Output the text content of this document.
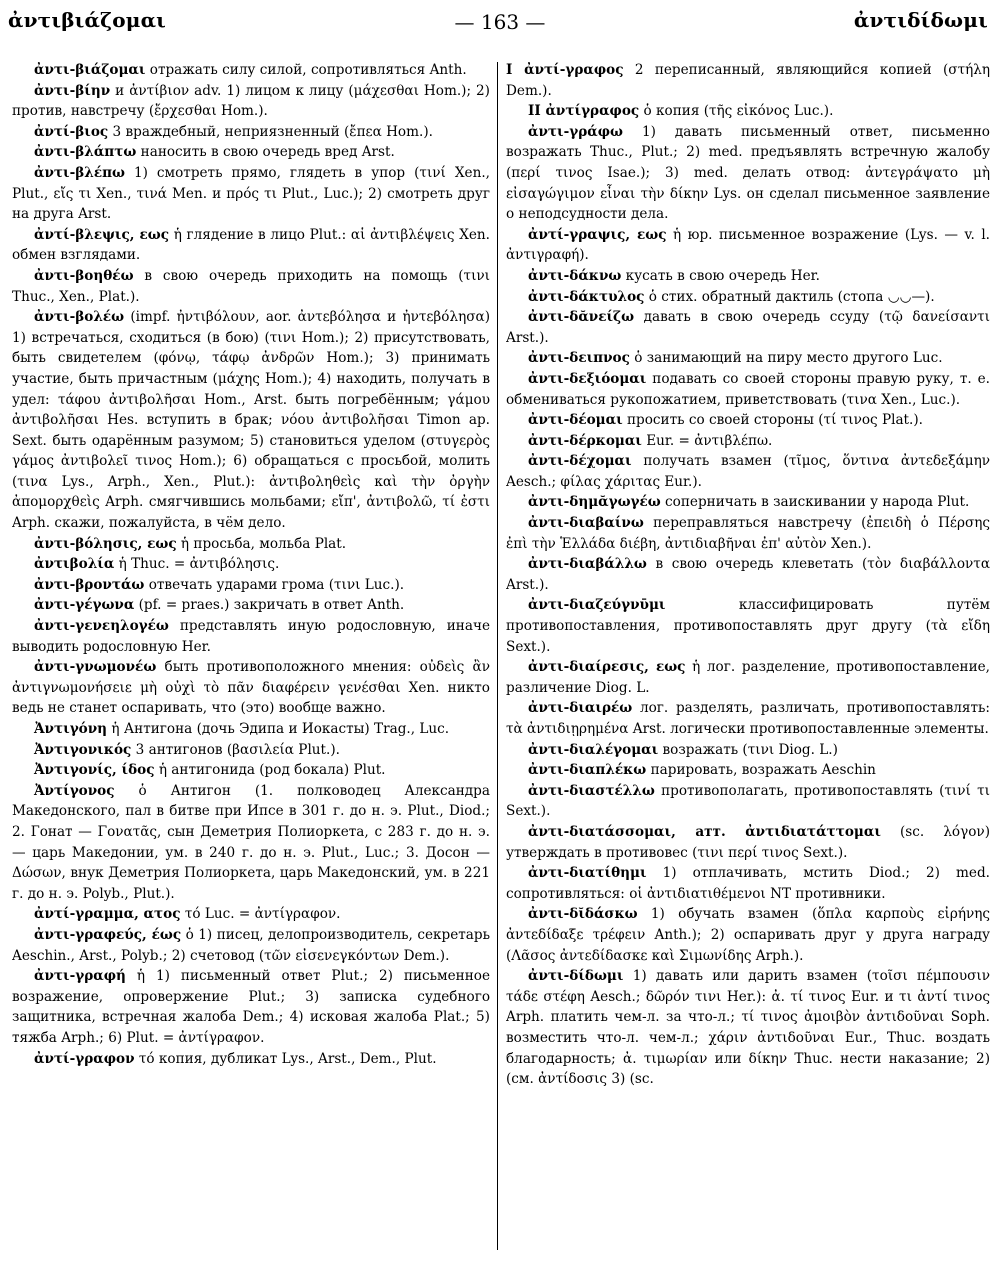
ἀντιβιάζομαι	— 163 —	ἀντιδίδωμι

ἀντι-βιάζομαι отражать силу силой, сопротивляться Anth.

ἀντι-βίην и ἀντίβιον adv. 1) лицом к лицу (μάχεσθαι Hom.); 2) против, навстречу (ἔρχεσθαι Hom.).

ἀντί-βιος 3 враждебный, неприязненный (ἔπεα Hom.).

ἀντι-βλάπτω наносить в свою очередь вред Arst.

ἀντι-βλέπω 1) смотреть прямо, глядеть в упор (τινί Xen., Plut., εἴς τι Xen., τινά Men. и πρός τι Plut., Luc.); 2) смотреть друг на друга Arst.

ἀντί-βλεψις, εως ἡ глядение в лицо Plut.: αἱ ἀντιβλέψεις Xen. обмен взглядами.

ἀντι-βοηθέω в свою очередь приходить на помощь (τινι Thuc., Xen., Plat.).

ἀντι-βολέω (impf. ἠντιβόλουν, aor. ἀντεβόλησα и ἠντεβόλησα) 1) встречаться, сходиться (в бою) (τινι Hom.); 2) присутствовать, быть свидетелем (φόνῳ, τάφῳ ἀνδρῶν Hom.); 3) принимать участие, быть причастным (μάχης Hom.); 4) находить, получать в удел: τάφου ἀντιβολῆσαι Hom., Arst. быть погребённым; γάμου ἀντιβολῆσαι Hes. вступить в брак; νόου ἀντιβολῆσαι Timon ap. Sext. быть одарённым разумом; 5) становиться уделом (στυγερὸς γάμος ἀντιβολεῖ τινος Hom.); 6) обращаться с просьбой, молить (τινα Lys., Arph., Xen., Plut.): ἀντιβοληθεὶς καὶ τὴν ὀργὴν ἀπομορχθεὶς Arph. смягчившись мольбами; εἴπ', ἀντιβολῶ, τί ἐστι Arph. скажи, пожалуйста, в чём дело.

ἀντι-βόλησις, εως ἡ просьба, мольба Plat.

ἀντιβολία ἡ Thuc. = ἀντιβόλησις.

ἀντι-βροντάω отвечать ударами грома (τινι Luc.).

ἀντι-γέγωνα (pf. = praes.) закричать в ответ Anth.

ἀντι-γενεηλογέω представлять иную родословную, иначе выводить родословную Her.

ἀντι-γνωμονέω быть противоположного мнения: οὐδεὶς ἂν ἀντιγνωμονήσειε μὴ οὐχὶ τὸ πᾶν διαφέρειν γενέσθαι Xen. никто ведь не станет оспаривать, что (это) вообще важно.

Ἀντιγόνη ἡ Антигона (дочь Эдипа и Иокасты) Trag., Luc.

Ἀντιγονικός 3 антигонов (βασιλεία Plut.).

Ἀντιγονίς, ίδος ἡ антигонида (род бокала) Plut.

Ἀντίγονος ὁ Антигон (1. полководец Александра Македонского, пал в битве при Ипсе в 301 г. до н. э. Plut., Diod.; 2. Гонат — Γονατᾶς, сын Деметрия Полиоркета, с 283 г. до н. э. — царь Македонии, ум. в 240 г. до н. э. Plut., Luc.; 3. Досон — Δώσων, внук Деметрия Полиоркета, царь Македонский, ум. в 221 г. до н. э. Polyb., Plut.).

ἀντί-γραμμα, ατος τό Luc. = ἀντίγραφον.

ἀντι-γραφεύς, έως ὁ 1) писец, делопроизводитель, секретарь Aeschin., Arst., Polyb.; 2) счетовод (τῶν εἰσενεγκόντων Dem.).

ἀντι-γραφή ἡ 1) письменный ответ Plut.; 2) письменное возражение, опровержение Plut.; 3) записка судебного защитника, встречная жалоба Dem.; 4) исковая жалоба Plat.; 5) тяжба Arph.; 6) Plut. = ἀντίγραφον.

ἀντί-γραφον τό копия, дубликат Lys., Arst., Dem., Plut.

I ἀντί-γραφος 2 переписанный, являющийся копией (στήλη Dem.).

II ἀντίγραφος ὁ копия (τῆς εἰκόνος Luc.).

ἀντι-γράφω 1) давать письменный ответ, письменно возражать Thuc., Plut.; 2) med. предъявлять встречную жалобу (περί τινος Isae.); 3) med. делать отвод: ἀντεγράψατο μὴ εἰσαγώγιμον εἶναι τὴν δίκην Lys. он сделал письменное заявление о неподсудности дела.

ἀντί-γραψις, εως ἡ юр. письменное возражение (Lys. — v. l. ἀντιγραφή).

ἀντι-δάκνω кусать в свою очередь Her.

ἀντι-δάκτυλος ὁ стих. обратный дактиль (стопа ◡◡—).

ἀντι-δᾰνείζω давать в свою очередь ссуду (τῷ δανείσαντι Arst.).

ἀντι-δειπνος ὁ занимающий на пиру место другого Luc.

ἀντι-δεξιόομαι подавать со своей стороны правую руку, т. е. обмениваться рукопожатием, приветствовать (τινα Xen., Luc.).

ἀντι-δέομαι просить со своей стороны (τί τινος Plat.).

ἀντι-δέρκομαι Eur. = ἀντιβλέπω.

ἀντι-δέχομαι получать взамен (τῖμος, ὅντινα ἀντεδεξάμην Aesch.; φίλας χάριτας Eur.).

ἀντι-δημᾰγωγέω соперничать в заискивании у народа Plut.

ἀντι-διαβαίνω переправляться навстречу (ἐπειδὴ ὁ Πέρσης ἐπὶ τὴν Ἑλλάδα διέβη, ἀντιδιαβῆναι ἐπ' αὐτὸν Xen.).

ἀντι-διαβάλλω в свою очередь клеветать (τὸν διαβάλλοντα Arst.).

ἀντι-διαζεύγνῡμι классифицировать путём противопоставления, противопоставлять друг другу (τὰ εἴδη Sext.).

ἀντι-διαίρεσις, εως ἡ лог. разделение, противопоставление, различение Diog. L.

ἀντι-διαιρέω лог. разделять, различать, противопоставлять: τὰ ἀντιδιῃρημένα Arst. логически противопоставленные элементы.

ἀντι-διαλέγομαι возражать (τινι Diog. L.)

ἀντι-διαπλέκω парировать, возражать Aeschin

ἀντι-διαστέλλω противополагать, противопоставлять (τινί τι Sext.).

ἀντι-διατάσσομαι, атт. ἀντιδιατάττομαι (sc. λόγον) утверждать в противовес (τινι περί τινος Sext.).

ἀντι-διατίθημι 1) отплачивать, мстить Diod.; 2) med. сопротивляться: οἱ ἀντιδιατιθέμενοι NT противники.

ἀντι-δῐδάσκω 1) обучать взамен (ὅπλα καρποὺς εἰρήνης ἀντεδίδαξε τρέφειν Anth.); 2) оспаривать друг у друга награду (Λᾶσος ἀντεδίδασκε καὶ Σιμωνίδης Arph.).

ἀντι-δίδωμι 1) давать или дарить взамен (τοῖσι πέμπουσιν τάδε στέφη Aesch.; δῶρόν τινι Her.): ἀ. τί τινος Eur. и τι ἀντί τινος Arph. платить чем-л. за что-л.; τί τινος ἀμοιβὸν ἀντιδοῦναι Soph. возместить что-л. чем-л.; χάριν ἀντιδοῦναι Eur., Thuc. воздать благодарность; ἀ. τιμωρίαν или δίκην Thuc. нести наказание; 2) (см. ἀντίδοσις 3) (sc.
